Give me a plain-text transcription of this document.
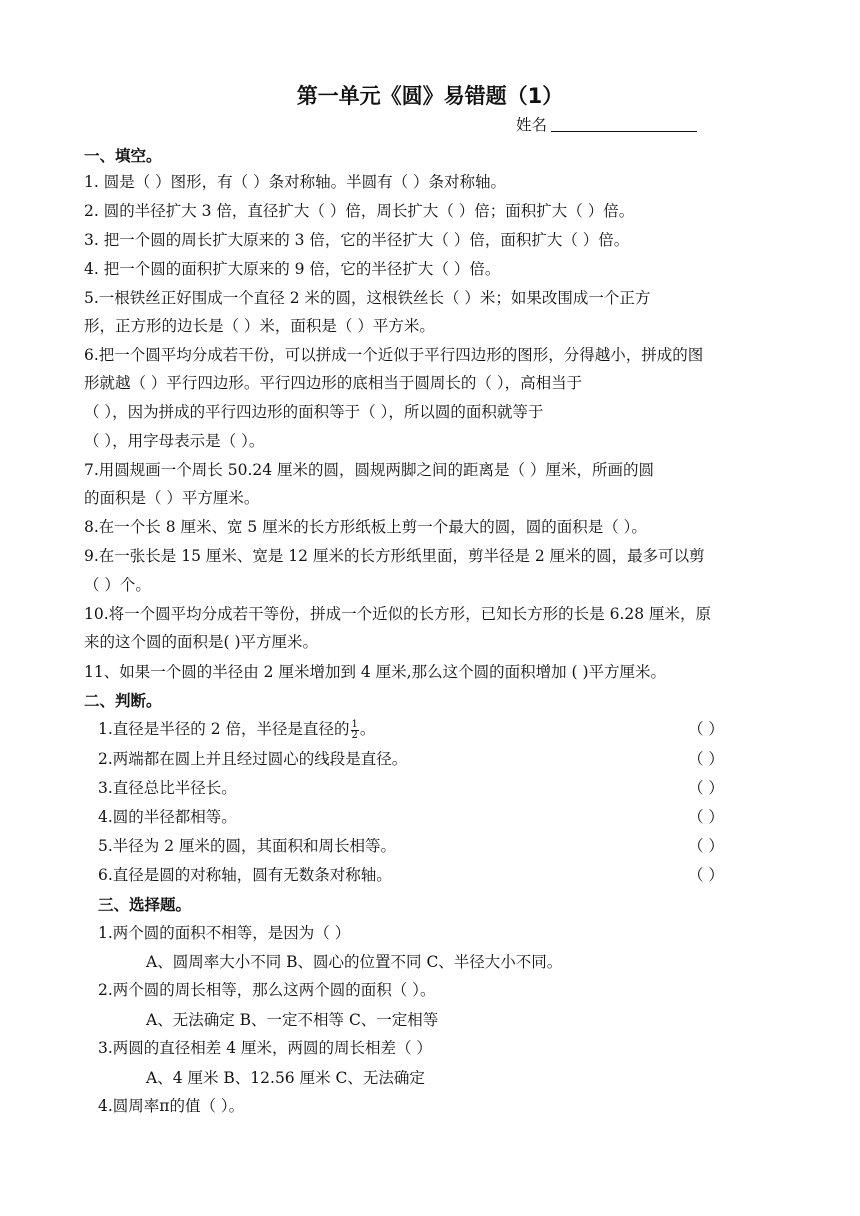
第一单元《圆》易错题（1）
姓名
一、填空。
1. 圆是（ ）图形，有（ ）条对称轴。半圆有（ ）条对称轴。
2. 圆的半径扩大 3 倍，直径扩大（ ）倍，周长扩大（ ）倍；面积扩大（ ）倍。
3. 把一个圆的周长扩大原来的 3 倍，它的半径扩大（ ）倍，面积扩大（ ）倍。
4. 把一个圆的面积扩大原来的 9 倍，它的半径扩大（ ）倍。
5.一根铁丝正好围成一个直径 2 米的圆，这根铁丝长（ ）米；如果改围成一个正方
形，正方形的边长是（ ）米，面积是（ ）平方米。
6.把一个圆平均分成若干份，可以拼成一个近似于平行四边形的图形，分得越小，拼成的图
形就越（ ）平行四边形。平行四边形的底相当于圆周长的（ ），高相当于
（ ），因为拼成的平行四边形的面积等于（ ），所以圆的面积就等于
（ ），用字母表示是（ ）。
7.用圆规画一个周长 50.24 厘米的圆，圆规两脚之间的距离是（ ）厘米，所画的圆
的面积是（ ）平方厘米。
8.在一个长 8 厘米、宽 5 厘米的长方形纸板上剪一个最大的圆，圆的面积是（ ）。
9.在一张长是 15 厘米、宽是 12 厘米的长方形纸里面，剪半径是 2 厘米的圆，最多可以剪
（ ）个。
10.将一个圆平均分成若干等份，拼成一个近似的长方形，已知长方形的长是 6.28 厘米，原
来的这个圆的面积是( )平方厘米。
11、如果一个圆的半径由 2 厘米增加到 4 厘米,那么这个圆的面积增加 ( )平方厘米。
二、判断。
1.直径是半径的 2 倍，半径是直径的 $\frac{1}{2}$ 。	（ ）
2.两端都在圆上并且经过圆心的线段是直径。	（ ）
3.直径总比半径长。	（ ）
4.圆的半径都相等。	（ ）
5.半径为 2 厘米的圆，其面积和周长相等。	（ ）
6.直径是圆的对称轴，圆有无数条对称轴。	（ ）
三、选择题。
1.两个圆的面积不相等，是因为（ ）
A、圆周率大小不同 B、圆心的位置不同 C、半径大小不同。
2.两个圆的周长相等，那么这两个圆的面积（ ）。
A、无法确定 B、一定不相等 C、一定相等
3.两圆的直径相差 4 厘米，两圆的周长相差（ ）
A、4 厘米 B、12.56 厘米 C、无法确定
4.圆周率π的值（ ）。
